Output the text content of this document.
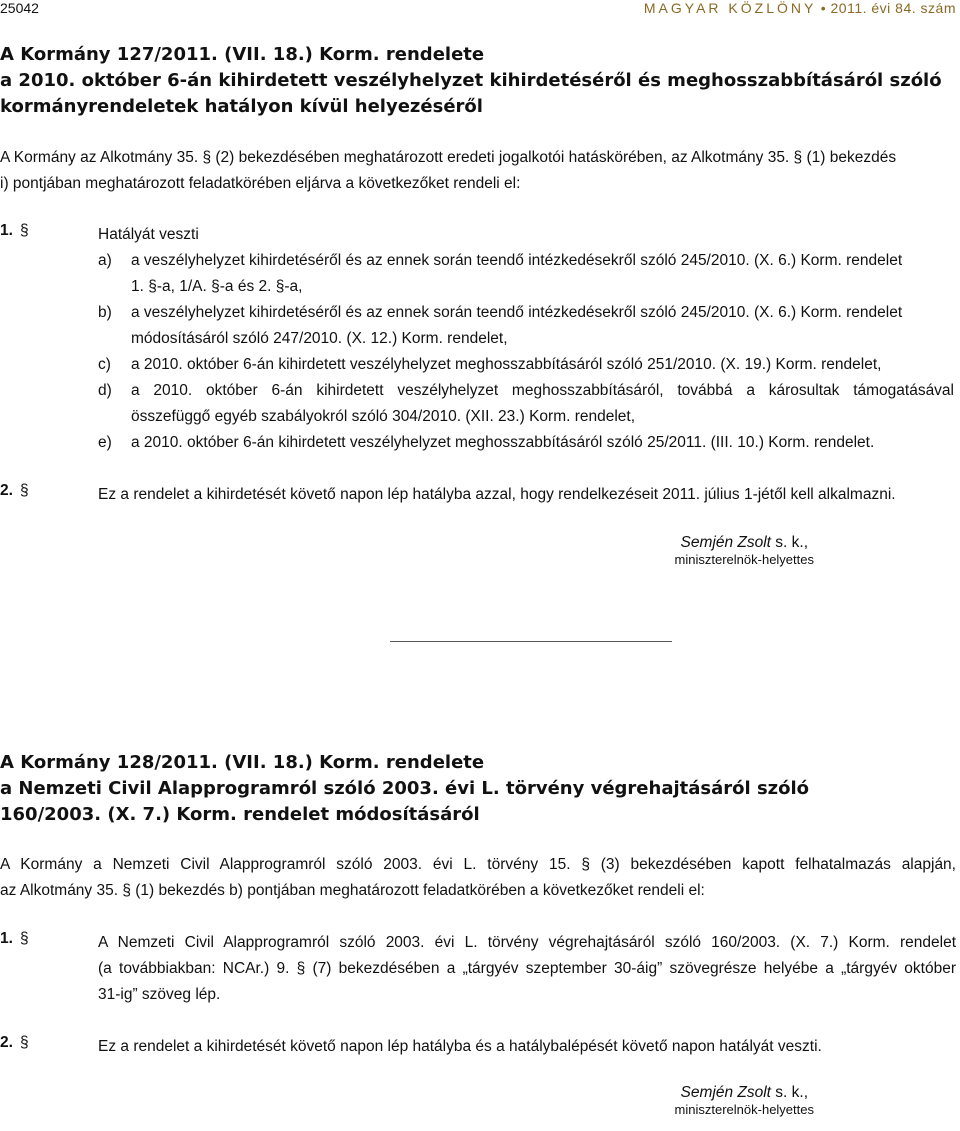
25042	MAGYAR KÖZLÖNY • 2011. évi 84. szám
A Kormány 127/2011. (VII. 18.) Korm. rendelete
a 2010. október 6-án kihirdetett veszélyhelyzet kihirdetéséről és meghosszabbításáról szóló
kormányrendeletek hatályon kívül helyezéséről

A Kormány az Alkotmány 35. § (2) bekezdésében meghatározott eredeti jogalkotói hatáskörében, az Alkotmány 35. § (1) bekezdés
i) pontjában meghatározott feladatkörében eljárva a következőket rendeli el:

1. §	Hatályát veszti
a) a veszélyhelyzet kihirdetéséről és az ennek során teendő intézkedésekről szóló 245/2010. (X. 6.) Korm. rendelet
1. §-a, 1/A. §-a és 2. §-a,
b) a veszélyhelyzet kihirdetéséről és az ennek során teendő intézkedésekről szóló 245/2010. (X. 6.) Korm. rendelet
módosításáról szóló 247/2010. (X. 12.) Korm. rendelet,
c) a 2010. október 6-án kihirdetett veszélyhelyzet meghosszabbításáról szóló 251/2010. (X. 19.) Korm. rendelet,
d) a 2010. október 6-án kihirdetett veszélyhelyzet meghosszabbításáról, továbbá a károsultak támogatásával
összefüggő egyéb szabályokról szóló 304/2010. (XII. 23.) Korm. rendelet,
e) a 2010. október 6-án kihirdetett veszélyhelyzet meghosszabbításáról szóló 25/2011. (III. 10.) Korm. rendelet.
2. §	Ez a rendelet a kihirdetését követő napon lép hatályba azzal, hogy rendelkezéseit 2011. július 1-jétől kell alkalmazni.
Semjén Zsolt s. k.,
miniszterelnök-helyettes
A Kormány 128/2011. (VII. 18.) Korm. rendelete
a Nemzeti Civil Alapprogramról szóló 2003. évi L. törvény végrehajtásáról szóló
160/2003. (X. 7.) Korm. rendelet módosításáról

A Kormány a Nemzeti Civil Alapprogramról szóló 2003. évi L. törvény 15. § (3) bekezdésében kapott felhatalmazás alapján,
az Alkotmány 35. § (1) bekezdés b) pontjában meghatározott feladatkörében a következőket rendeli el:

1. §	A Nemzeti Civil Alapprogramról szóló 2003. évi L. törvény végrehajtásáról szóló 160/2003. (X. 7.) Korm. rendelet
(a továbbiakban: NCAr.) 9. § (7) bekezdésében a „tárgyév szeptember 30-áig” szövegrésze helyébe a „tárgyév október
31-ig” szöveg lép.
2. §	Ez a rendelet a kihirdetését követő napon lép hatályba és a hatálybalépését követő napon hatályát veszti.
Semjén Zsolt s. k.,
miniszterelnök-helyettes
